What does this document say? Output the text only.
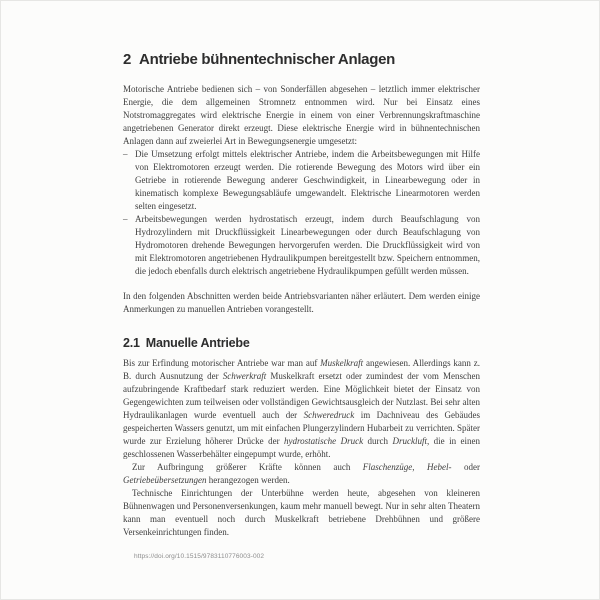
2 Antriebe bühnentechnischer Anlagen

Motorische Antriebe bedienen sich – von Sonderfällen abgesehen – letztlich immer elektrischer Energie, die dem allgemeinen Stromnetz entnommen wird. Nur bei Einsatz eines Notstromaggregates wird elektrische Energie in einem von einer Verbrennungskraftmaschine angetriebenen Generator direkt erzeugt. Diese elektrische Energie wird in bühnentechnischen Anlagen dann auf zweierlei Art in Bewegungsenergie umgesetzt:

– Die Umsetzung erfolgt mittels elektrischer Antriebe, indem die Arbeitsbewegungen mit Hilfe von Elektromotoren erzeugt werden. Die rotierende Bewegung des Motors wird über ein Getriebe in rotierende Bewegung anderer Geschwindigkeit, in Linearbewegung oder in kinematisch komplexe Bewegungsabläufe umgewandelt. Elektrische Linearmotoren werden selten eingesetzt.
– Arbeitsbewegungen werden hydrostatisch erzeugt, indem durch Beaufschlagung von Hydrozylindern mit Druckflüssigkeit Linearbewegungen oder durch Beaufschlagung von Hydromotoren drehende Bewegungen hervorgerufen werden. Die Druckflüssigkeit wird von mit Elektromotoren angetriebenen Hydraulikpumpen bereitgestellt bzw. Speichern entnommen, die jedoch ebenfalls durch elektrisch angetriebene Hydraulikpumpen gefüllt werden müssen.

In den folgenden Abschnitten werden beide Antriebsvarianten näher erläutert. Dem werden einige Anmerkungen zu manuellen Antrieben vorangestellt.

2.1 Manuelle Antriebe

Bis zur Erfindung motorischer Antriebe war man auf Muskelkraft angewiesen. Allerdings kann z. B. durch Ausnutzung der Schwerkraft Muskelkraft ersetzt oder zumindest der vom Menschen aufzubringende Kraftbedarf stark reduziert werden. Eine Möglichkeit bietet der Einsatz von Gegengewichten zum teilweisen oder vollständigen Gewichtsausgleich der Nutzlast. Bei sehr alten Hydraulikanlagen wurde eventuell auch der Schweredruck im Dachniveau des Gebäudes gespeicherten Wassers genutzt, um mit einfachen Plungerzylindern Hubarbeit zu verrichten. Später wurde zur Erzielung höherer Drücke der hydrostatische Druck durch Druckluft, die in einen geschlossenen Wasserbehälter eingepumpt wurde, erhöht.

Zur Aufbringung größerer Kräfte können auch Flaschenzüge, Hebel- oder Getriebeübersetzungen herangezogen werden.

Technische Einrichtungen der Unterbühne werden heute, abgesehen von kleineren Bühnenwagen und Personenversenkungen, kaum mehr manuell bewegt. Nur in sehr alten Theatern kann man eventuell noch durch Muskelkraft betriebene Drehbühnen und größere Versenkeinrichtungen finden.

https://doi.org/10.1515/9783110776003-002
